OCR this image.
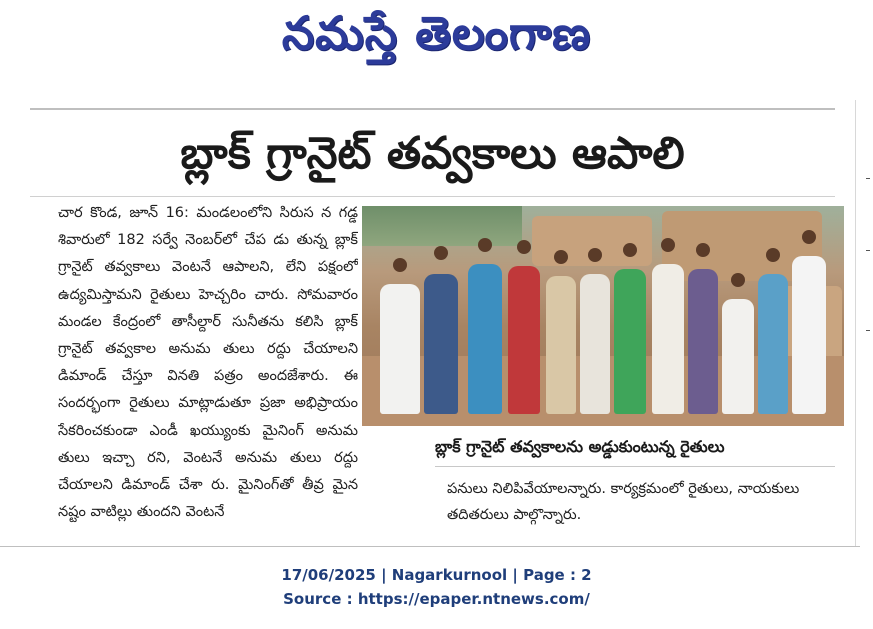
నమస్తే తెలంగాణ
బ్లాక్ గ్రానైట్ తవ్వకాలు ఆపాలి
చార కొండ, జూన్ 16: మండలంలోని సిరుస న గడ్డ శివారులో 182 సర్వే నెంబర్‌లో చేప డు తున్న బ్లాక్ గ్రానైట్ తవ్వకాలు వెంటనే ఆపాలని, లేని పక్షంలో ఉద్యమిస్తామని రైతులు హెచ్చరిం చారు. సోమవారం మండల కేంద్రంలో తాసీల్దార్ సునీతను కలిసి బ్లాక్ గ్రానైట్ తవ్వకాల అనుమ తులు రద్దు చేయాలని డిమాండ్ చేస్తూ వినతి పత్రం అందజేశారు. ఈ సందర్భంగా రైతులు మాట్లాడుతూ ప్రజా అభిప్రాయం సేకరించకుండా ఎండీ ఖయ్యుంకు మైనింగ్ అనుమ తులు ఇచ్చా రని, వెంటనే అనుమ తులు రద్దు చేయాలని డిమాండ్ చేశా రు. మైనింగ్‌తో తీవ్ర మైన నష్టం వాటిల్లు తుందని వెంటనే
బ్లాక్ గ్రానైట్ తవ్వకాలను అడ్డుకుంటున్న రైతులు
పనులు నిలిపివేయాలన్నారు. కార్యక్రమంలో రైతులు, నాయకులు తదితరులు పాల్గొన్నారు.
17/06/2025 | Nagarkurnool | Page : 2
Source : https://epaper.ntnews.com/
